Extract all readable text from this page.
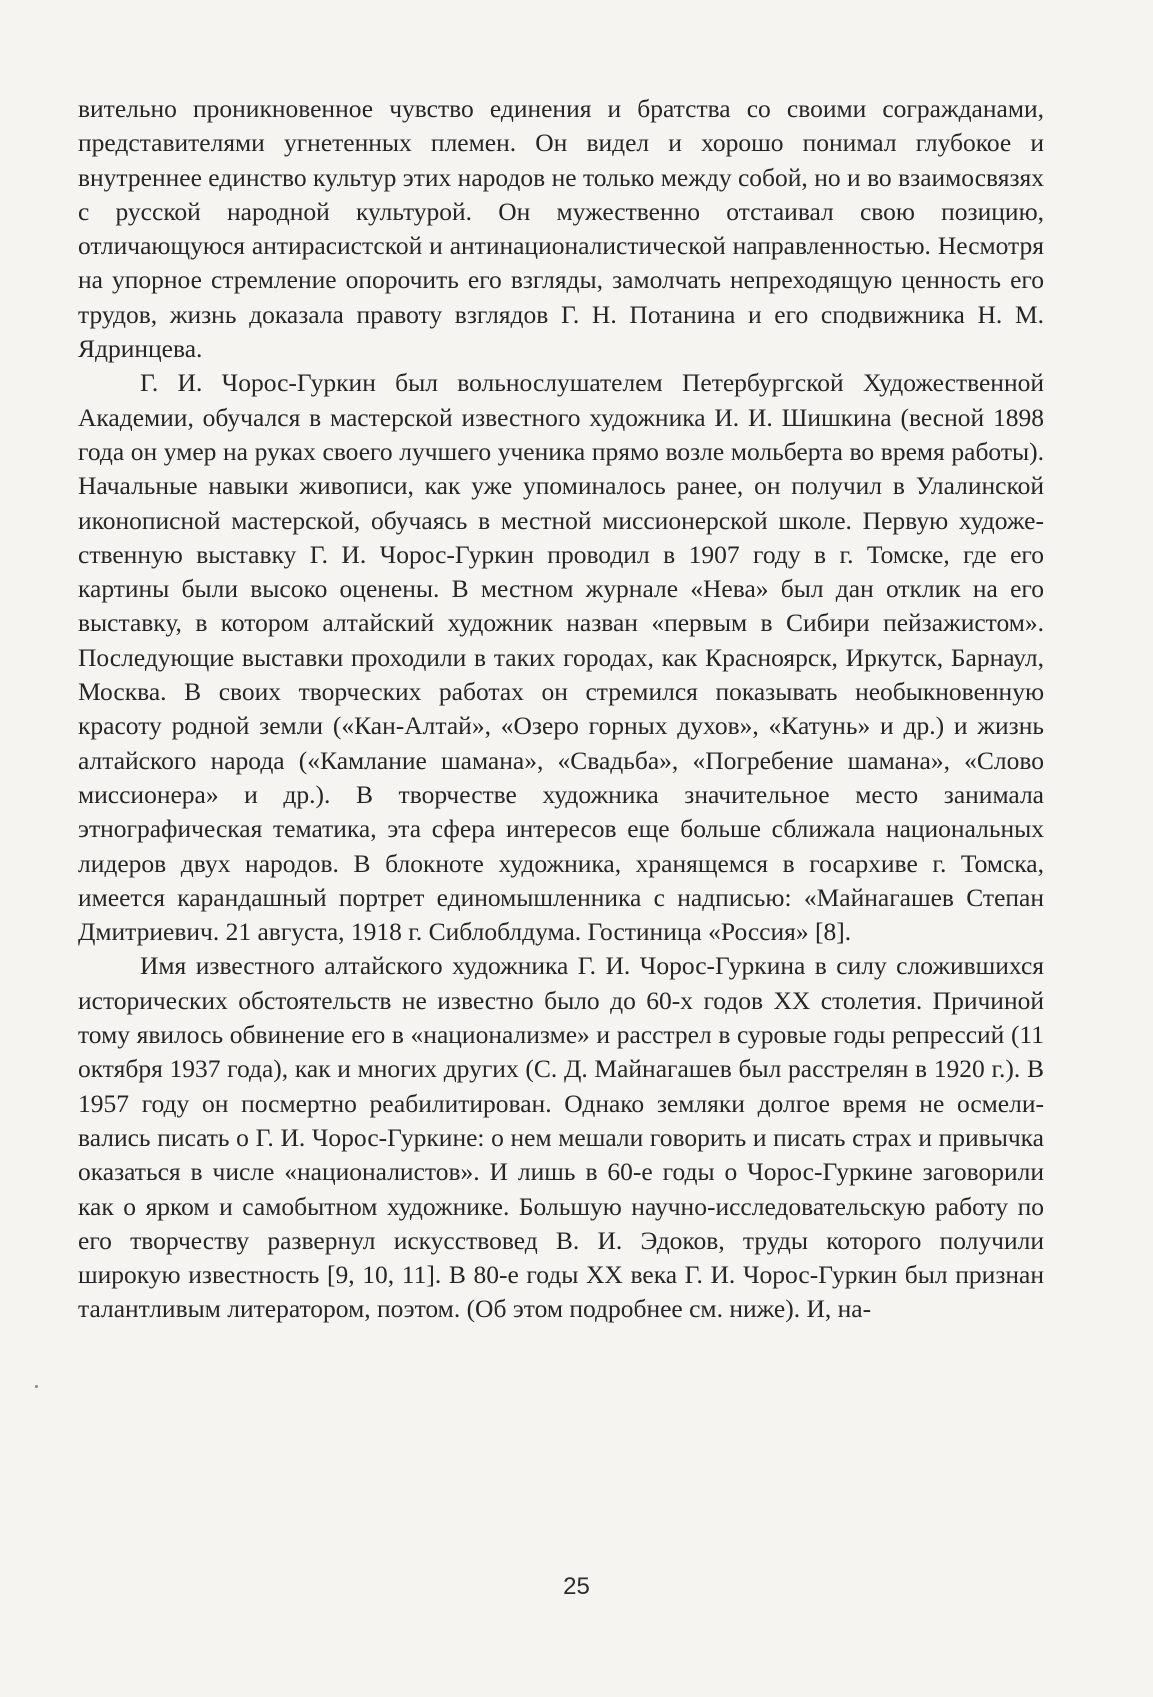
вительно проникновенное чувство единения и братства со своими согражданами, представителями угнетенных племен. Он видел и хорошо понимал глубокое и внутреннее единство культур этих народов не только между собой, но и во взаимосвязях с русской народной культурой. Он мужественно отстаивал свою позицию, отличающуюся антирасистской и антинационалистической направленностью. Несмотря на упорное стремление опорочить его взгляды, замолчать непреходящую ценность его трудов, жизнь доказала правоту взглядов Г. Н. Потанина и его сподвижника Н. М. Ядринцева.

Г. И. Чорос-Гуркин был вольнослушателем Петербургской Художественной Академии, обучался в мастерской известного художника И. И. Шишкина (весной 1898 года он умер на руках своего лучшего ученика прямо возле мольберта во время работы). Начальные навыки живописи, как уже упоминалось ранее, он получил в Улалинской иконописной мастерской, обучаясь в местной миссионерской школе. Первую художественную выставку Г. И. Чорос-Гуркин проводил в 1907 году в г. Томске, где его картины были высоко оценены. В местном журнале «Нева» был дан отклик на его выставку, в котором алтайский художник назван «первым в Сибири пейзажистом». Последующие выставки проходили в таких городах, как Красноярск, Иркутск, Барнаул, Москва. В своих творческих работах он стремился показывать необыкновенную красоту родной земли («Кан-Алтай», «Озеро горных духов», «Катунь» и др.) и жизнь алтайского народа («Камлание шамана», «Свадьба», «Погребение шамана», «Слово миссионера» и др.). В творчестве художника значительное место занимала этнографическая тематика, эта сфера интересов еще больше сближала национальных лидеров двух народов. В блокноте художника, хранящемся в госархиве г. Томска, имеется карандашный портрет единомышленника с надписью: «Майнагашев Степан Дмитриевич. 21 августа, 1918 г. Сиблоблдума. Гостиница «Россия» [8].

Имя известного алтайского художника Г. И. Чорос-Гуркина в силу сложившихся исторических обстоятельств не известно было до 60-х годов XX столетия. Причиной тому явилось обвинение его в «национализме» и расстрел в суровые годы репрессий (11 октября 1937 года), как и многих других (С. Д. Майнагашев был расстрелян в 1920 г.). В 1957 году он посмертно реабилитирован. Однако земляки долгое время не осмеливались писать о Г. И. Чорос-Гуркине: о нем мешали говорить и писать страх и привычка оказаться в числе «националистов». И лишь в 60-е годы о Чорос-Гуркине заговорили как о ярком и самобытном художнике. Большую научно-исследовательскую работу по его творчеству развернул искусствовед В. И. Эдоков, труды которого получили широкую известность [9, 10, 11]. В 80-е годы XX века Г. И. Чорос-Гуркин был признан талантливым литератором, поэтом. (Об этом подробнее см. ниже). И, на-

25
